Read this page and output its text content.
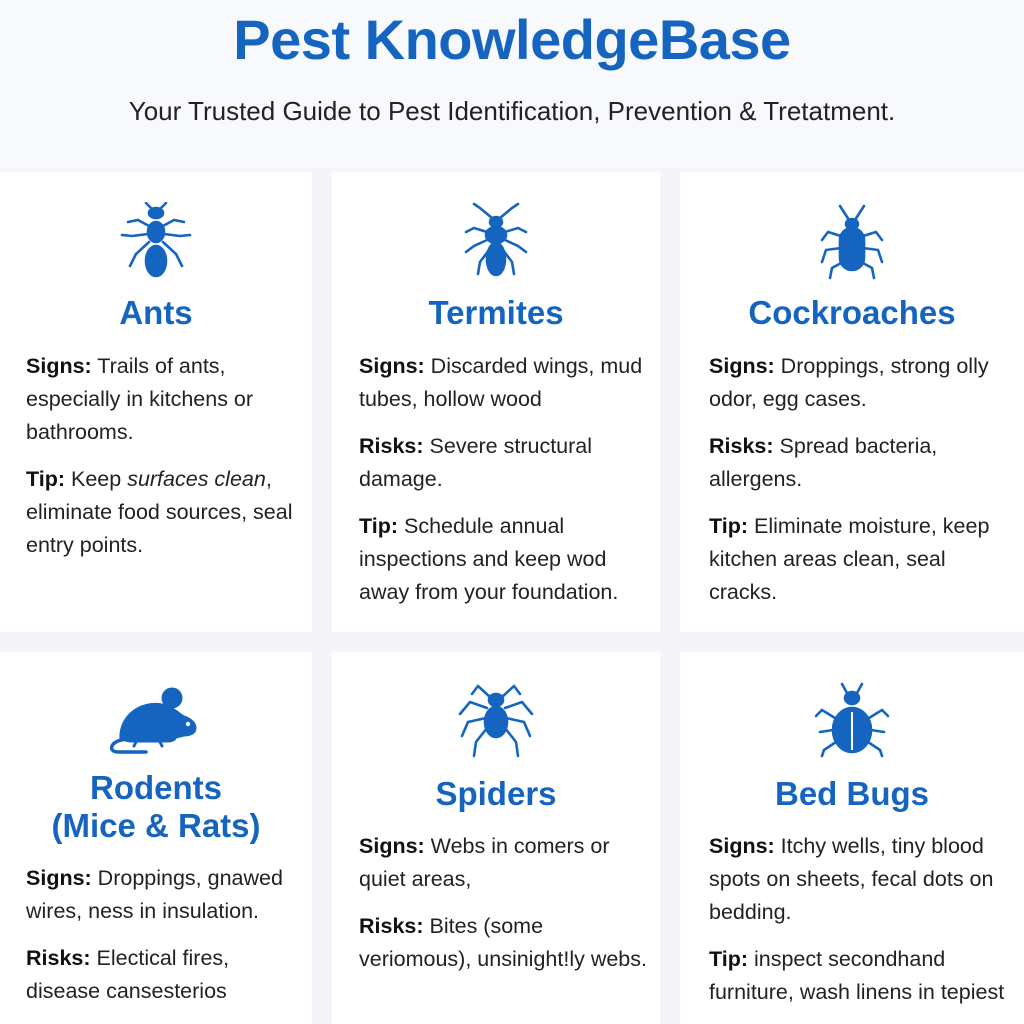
Pest KnowledgeBase
Your Trusted Guide to Pest Identification, Prevention & Tretatment.
Ants

Signs: Trails of ants, especially in kitchens or bathrooms.

Tip: Keep surfaces clean, eliminate food sources, seal entry points.

Termites

Signs: Discarded wings, mud tubes, hollow wood

Risks: Severe structural damage.

Tip: Schedule annual inspections and keep wod away from your foundation.

Cockroaches

Signs: Droppings, strong olly odor, egg cases.

Risks: Spread bacteria, allergens.

Tip: Eliminate moisture, keep kitchen areas clean, seal cracks.

Rodents
(Mice & Rats)

Signs: Droppings, gnawed wires, ness in insulation.

Risks: Electical fires, disease cansesterios

Spiders

Signs: Webs in comers or quiet areas,

Risks: Bites (some veriomous), unsinight!ly webs.

Bed Bugs

Signs: Itchy wells, tiny blood spots on sheets, fecal dots on bedding.

Tip: inspect secondhand furniture, wash linens in tepiest
